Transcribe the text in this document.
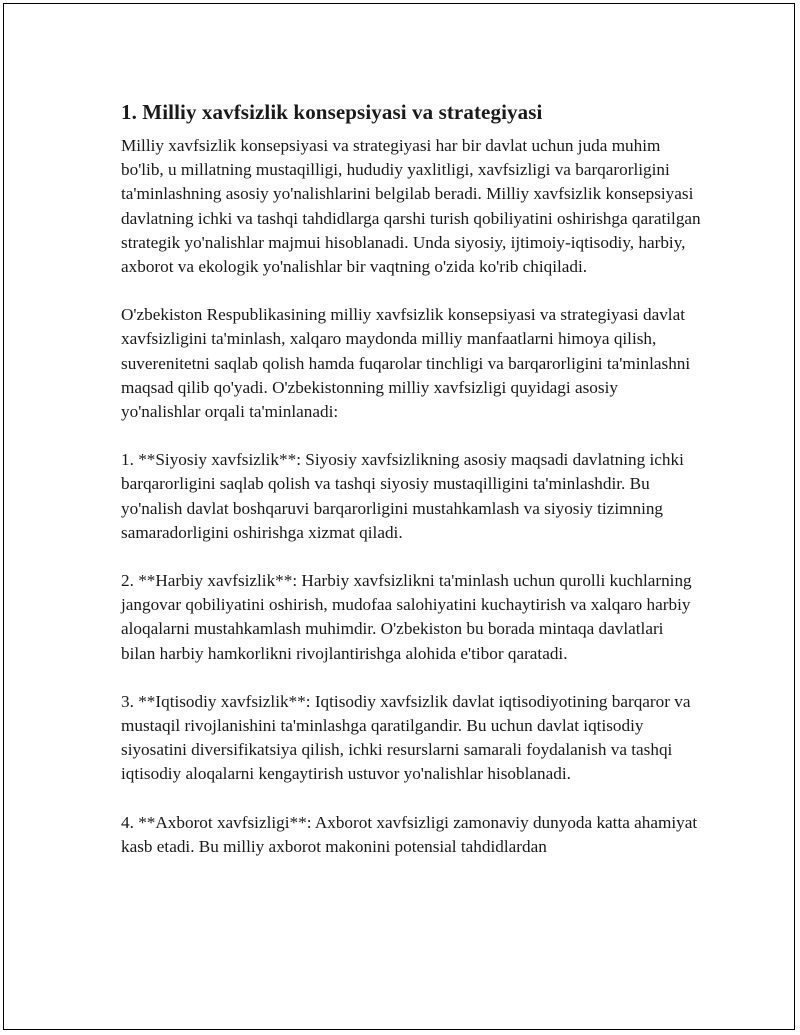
1. Milliy xavfsizlik konsepsiyasi va strategiyasi

Milliy xavfsizlik konsepsiyasi va strategiyasi har bir davlat uchun juda muhim bo'lib, u millatning mustaqilligi, hududiy yaxlitligi, xavfsizligi va barqarorligini ta'minlashning asosiy yo'nalishlarini belgilab beradi. Milliy xavfsizlik konsepsiyasi davlatning ichki va tashqi tahdidlarga qarshi turish qobiliyatini oshirishga qaratilgan strategik yo'nalishlar majmui hisoblanadi. Unda siyosiy, ijtimoiy-iqtisodiy, harbiy, axborot va ekologik yo'nalishlar bir vaqtning o'zida ko'rib chiqiladi.

O'zbekiston Respublikasining milliy xavfsizlik konsepsiyasi va strategiyasi davlat xavfsizligini ta'minlash, xalqaro maydonda milliy manfaatlarni himoya qilish, suverenitetni saqlab qolish hamda fuqarolar tinchligi va barqarorligini ta'minlashni maqsad qilib qo'yadi. O'zbekistonning milliy xavfsizligi quyidagi asosiy yo'nalishlar orqali ta'minlanadi:

1. **Siyosiy xavfsizlik**: Siyosiy xavfsizlikning asosiy maqsadi davlatning ichki barqarorligini saqlab qolish va tashqi siyosiy mustaqilligini ta'minlashdir. Bu yo'nalish davlat boshqaruvi barqarorligini mustahkamlash va siyosiy tizimning samaradorligini oshirishga xizmat qiladi.

2. **Harbiy xavfsizlik**: Harbiy xavfsizlikni ta'minlash uchun qurolli kuchlarning jangovar qobiliyatini oshirish, mudofaa salohiyatini kuchaytirish va xalqaro harbiy aloqalarni mustahkamlash muhimdir. O'zbekiston bu borada mintaqa davlatlari bilan harbiy hamkorlikni rivojlantirishga alohida e'tibor qaratadi.

3. **Iqtisodiy xavfsizlik**: Iqtisodiy xavfsizlik davlat iqtisodiyotining barqaror va mustaqil rivojlanishini ta'minlashga qaratilgandir. Bu uchun davlat iqtisodiy siyosatini diversifikatsiya qilish, ichki resurslarni samarali foydalanish va tashqi iqtisodiy aloqalarni kengaytirish ustuvor yo'nalishlar hisoblanadi.

4. **Axborot xavfsizligi**: Axborot xavfsizligi zamonaviy dunyoda katta ahamiyat kasb etadi. Bu milliy axborot makonini potensial tahdidlardan
